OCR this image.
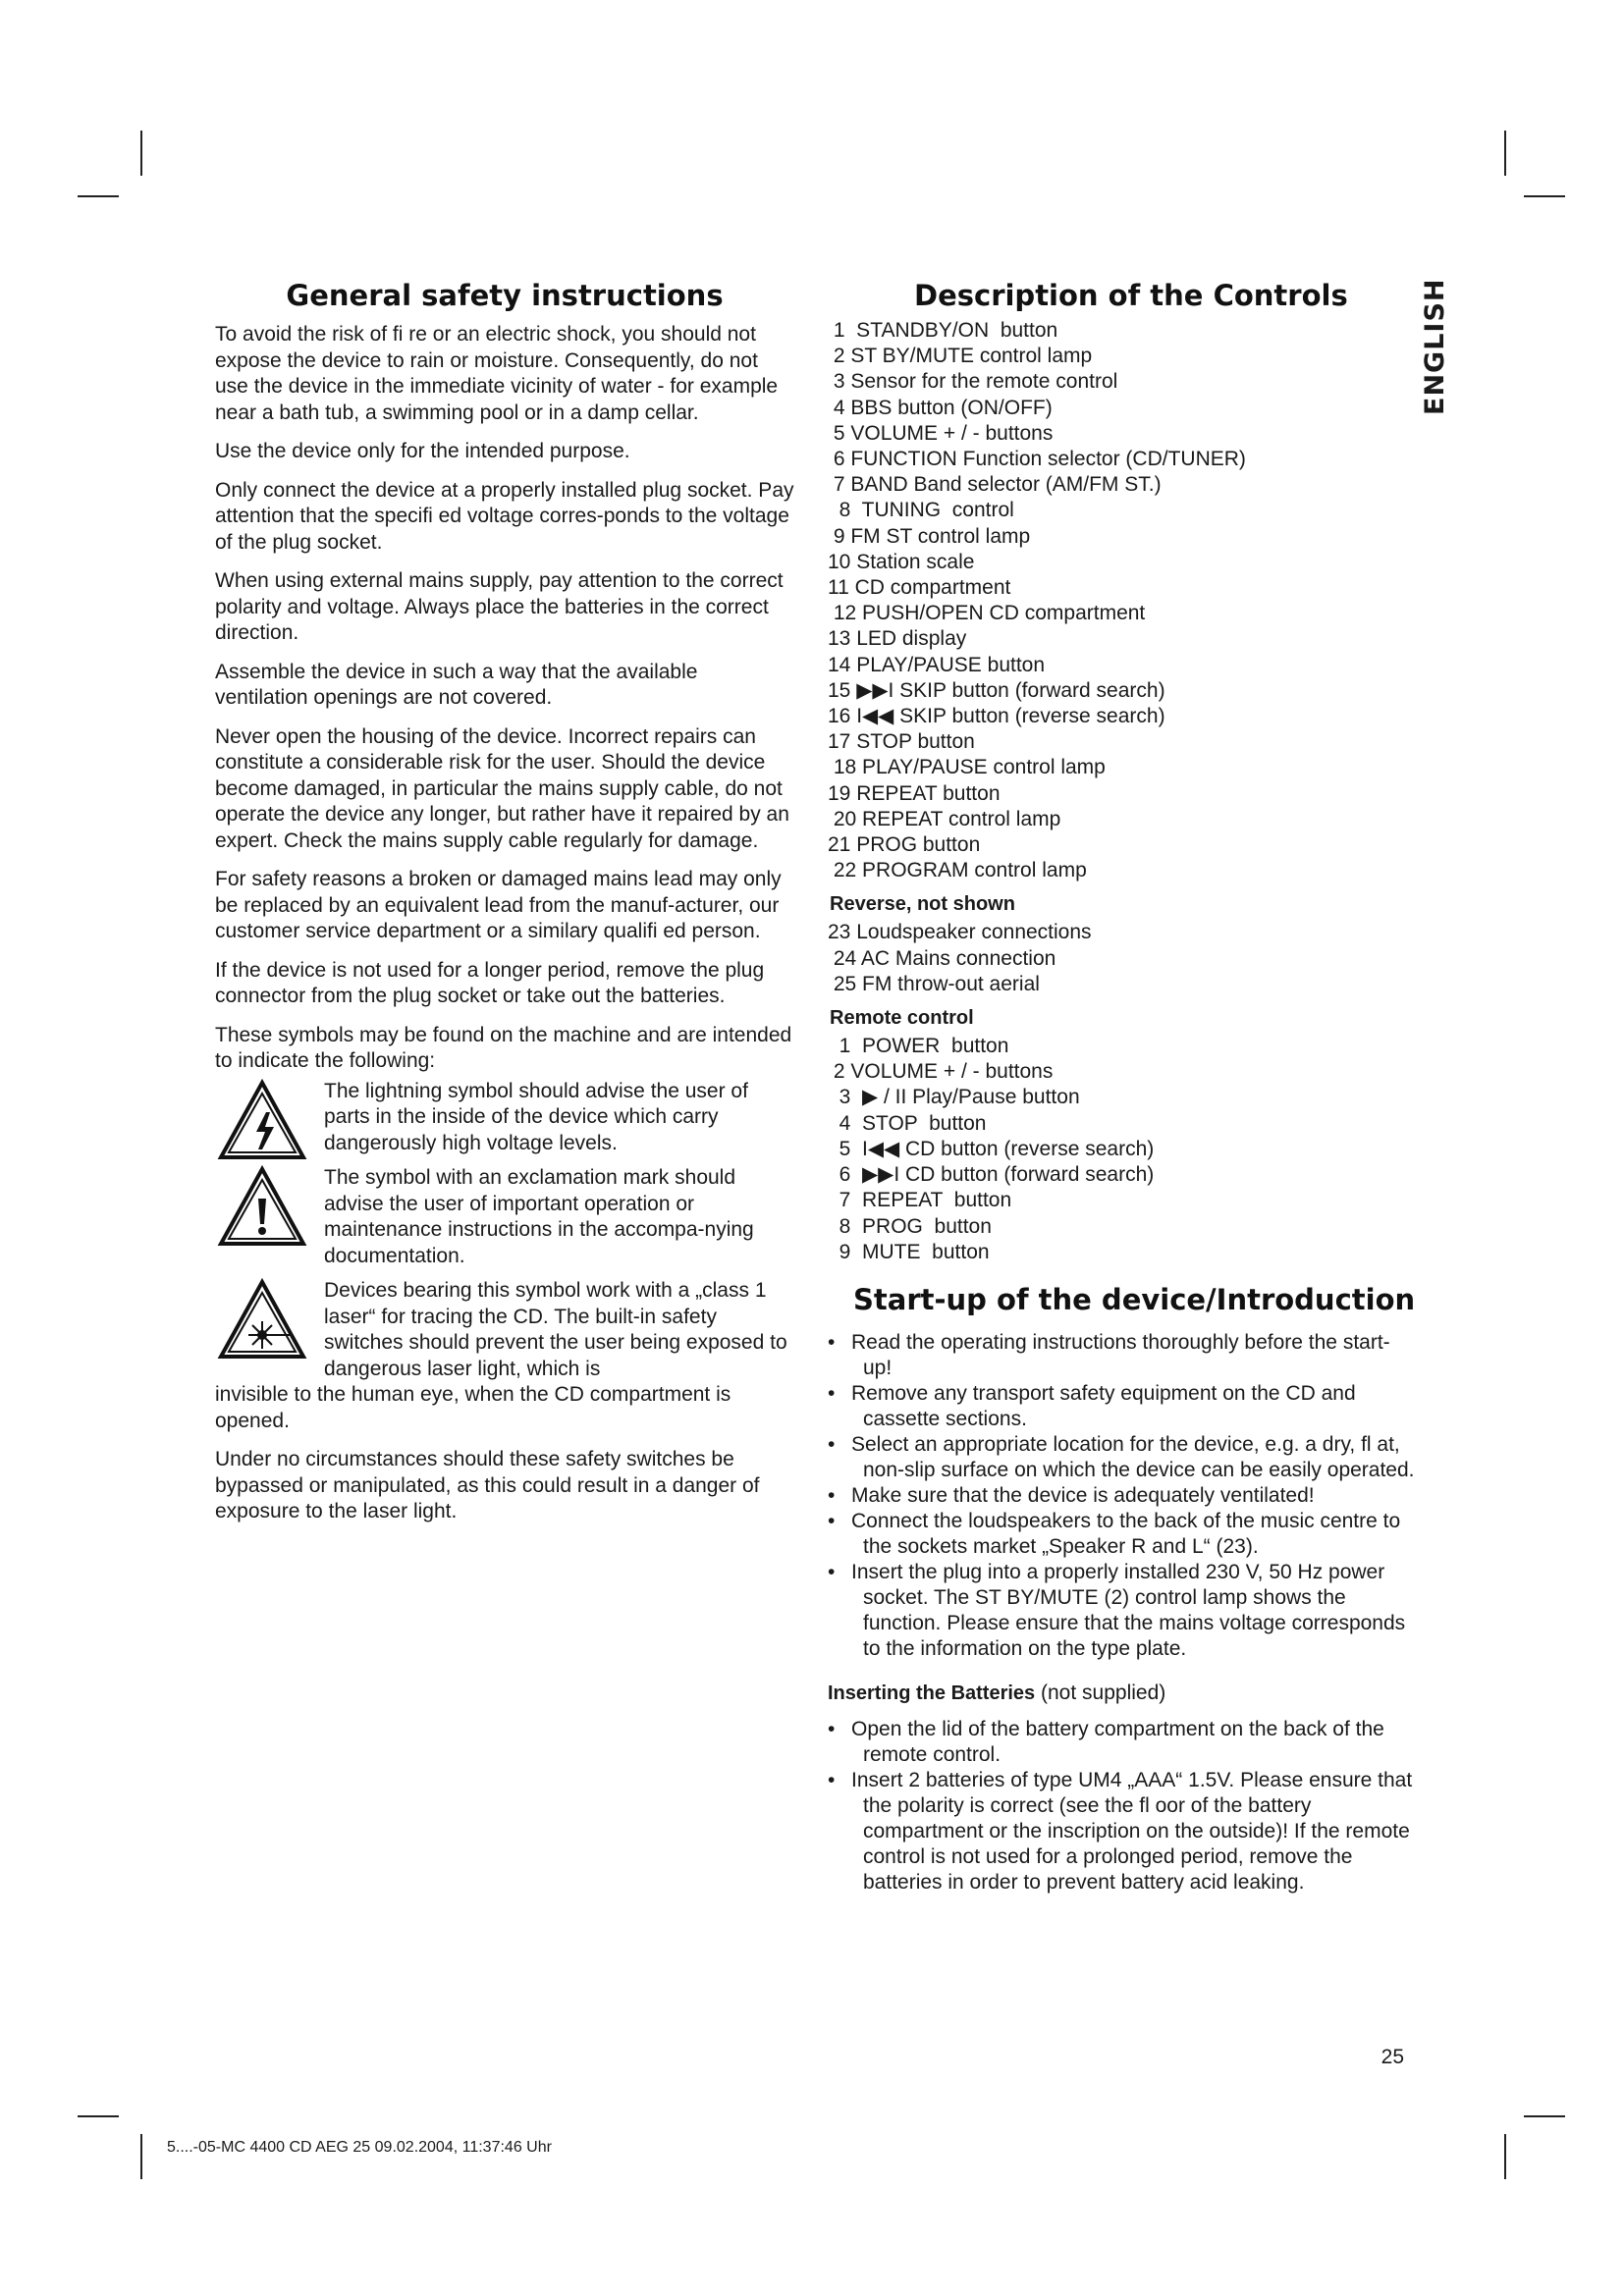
ENGLISH
General safety instructions

To avoid the risk of fi re or an electric shock, you should not expose the device to rain or moisture. Consequently, do not use the device in the immediate vicinity of water - for example near a bath tub, a swimming pool or in a damp cellar.

Use the device only for the intended purpose.

Only connect the device at a properly installed plug socket. Pay attention that the specifi ed voltage corres-ponds to the voltage of the plug socket.

When using external mains supply, pay attention to the correct polarity and voltage. Always place the batteries in the correct direction.

Assemble the device in such a way that the available ventilation openings are not covered.

Never open the housing of the device. Incorrect repairs can constitute a considerable risk for the user. Should the device become damaged, in particular the mains supply cable, do not operate the device any longer, but rather have it repaired by an expert. Check the mains supply cable regularly for damage.

For safety reasons a broken or damaged mains lead may only be replaced by an equivalent lead from the manuf-acturer, our customer service department or a similary qualifi ed person.

If the device is not used for a longer period, remove the plug connector from the plug socket or take out the batteries.

These symbols may be found on the machine and are intended to indicate the following:

The lightning symbol should advise the user of parts in the inside of the device which carry dangerously high voltage levels.

The symbol with an exclamation mark should advise the user of important operation or maintenance instructions in the accompa-nying documentation.

Devices bearing this symbol work with a „class 1 laser“ for tracing the CD. The built-in safety switches should prevent the user being exposed to dangerous laser light, which is

invisible to the human eye, when the CD compartment is opened.

Under no circumstances should these safety switches be bypassed or manipulated, as this could result in a danger of exposure to the laser light.

Description of the Controls
1  STANDBY/ON  button
2 ST BY/MUTE control lamp
3 Sensor for the remote control
4 BBS button (ON/OFF)
5 VOLUME + / - buttons
6 FUNCTION Function selector (CD/TUNER)
7 BAND Band selector (AM/FM ST.)
8  TUNING  control
9 FM ST control lamp
10 Station scale
11 CD compartment
12 PUSH/OPEN CD compartment
13 LED display
14 PLAY/PAUSE button
15 ▶▶I SKIP button (forward search)
16 I◀◀ SKIP button (reverse search)
17 STOP button
18 PLAY/PAUSE control lamp
19 REPEAT button
20 REPEAT control lamp
21 PROG button
22 PROGRAM control lamp
Reverse, not shown
23 Loudspeaker connections
24 AC Mains connection
25 FM throw-out aerial
Remote control
1  POWER  button
2 VOLUME + / - buttons
3  ▶ / II Play/Pause button
4  STOP  button
5  I◀◀ CD button (reverse search)
6  ▶▶I CD button (forward search)
7  REPEAT  button
8  PROG  button
9  MUTE  button
Start-up of the device/Introduction
• Read the operating instructions thoroughly before the start-up!
• Remove any transport safety equipment on the CD and cassette sections.
• Select an appropriate location for the device, e.g. a dry, fl at, non-slip surface on which the device can be easily operated.
• Make sure that the device is adequately ventilated!
• Connect the loudspeakers to the back of the music centre to the sockets market „Speaker R and L“ (23).
• Insert the plug into a properly installed 230 V, 50 Hz power socket. The ST BY/MUTE (2) control lamp shows the function. Please ensure that the mains voltage corresponds to the information on the type plate.
Inserting the Batteries (not supplied)
• Open the lid of the battery compartment on the back of the remote control.
• Insert 2 batteries of type UM4 „AAA“ 1.5V. Please ensure that the polarity is correct (see the fl oor of the battery compartment or the inscription on the outside)! If the remote control is not used for a prolonged period, remove the batteries in order to prevent battery acid leaking.
25
5....-05-MC 4400 CD AEG 25 09.02.2004, 11:37:46 Uhr
